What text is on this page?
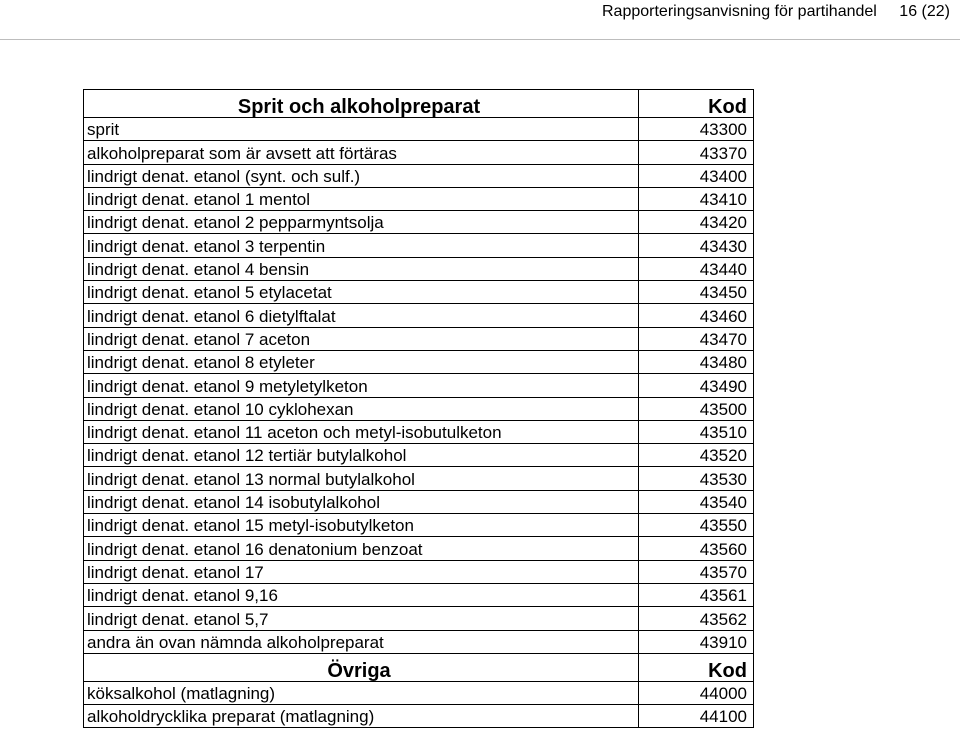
Rapporteringsanvisning för partihandel 16 (22)
Sprit och alkoholpreparat	Kod
sprit	43300
alkoholpreparat som är avsett att förtäras	43370
lindrigt denat. etanol (synt. och sulf.)	43400
lindrigt denat. etanol 1 mentol	43410
lindrigt denat. etanol 2 pepparmyntsolja	43420
lindrigt denat. etanol 3 terpentin	43430
lindrigt denat. etanol 4 bensin	43440
lindrigt denat. etanol 5 etylacetat	43450
lindrigt denat. etanol 6 dietylftalat	43460
lindrigt denat. etanol 7 aceton	43470
lindrigt denat. etanol 8 etyleter	43480
lindrigt denat. etanol 9 metyletylketon	43490
lindrigt denat. etanol 10 cyklohexan	43500
lindrigt denat. etanol 11 aceton och metyl-isobutulketon	43510
lindrigt denat. etanol 12 tertiär butylalkohol	43520
lindrigt denat. etanol 13 normal butylalkohol	43530
lindrigt denat. etanol 14 isobutylalkohol	43540
lindrigt denat. etanol 15 metyl-isobutylketon	43550
lindrigt denat. etanol 16 denatonium benzoat	43560
lindrigt denat. etanol 17	43570
lindrigt denat. etanol 9,16	43561
lindrigt denat. etanol 5,7	43562
andra än ovan nämnda alkoholpreparat	43910
Övriga	Kod
köksalkohol (matlagning)	44000
alkoholdrycklika preparat (matlagning)	44100
